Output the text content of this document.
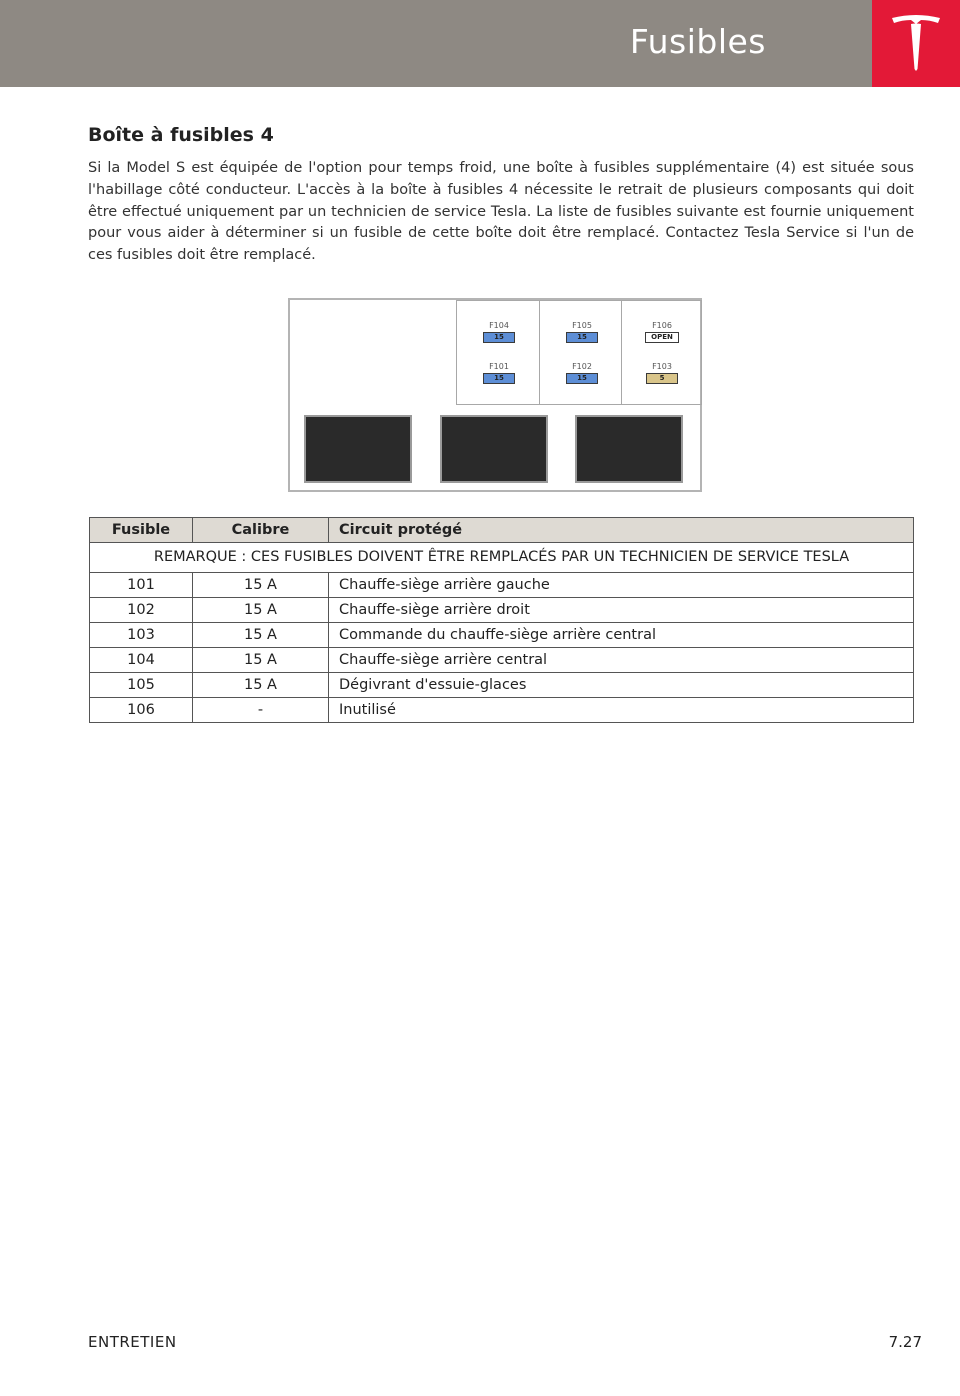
Fusibles
Boîte à fusibles 4

Si la Model S est équipée de l'option pour temps froid, une boîte à fusibles supplémentaire (4) est située sous l'habillage côté conducteur. L'accès à la boîte à fusibles 4 nécessite le retrait de plusieurs composants qui doit être effectué uniquement par un technicien de service Tesla. La liste de fusibles suivante est fournie uniquement pour vous aider à déterminer si un fusible de cette boîte doit être remplacé. Contactez Tesla Service si l'un de ces fusibles doit être remplacé.

F104
15
F101
15
F105
15
F102
15
F106
OPEN
F103
5
Fusible	Calibre	Circuit protégé
REMARQUE : CES FUSIBLES DOIVENT ÊTRE REMPLACÉS PAR UN TECHNICIEN DE SERVICE TESLA		
101	15 A	Chauffe-siège arrière gauche
102	15 A	Chauffe-siège arrière droit
103	15 A	Commande du chauffe-siège arrière central
104	15 A	Chauffe-siège arrière central
105	15 A	Dégivrant d'essuie-glaces
106	-	Inutilisé
ENTRETIEN	7.27
